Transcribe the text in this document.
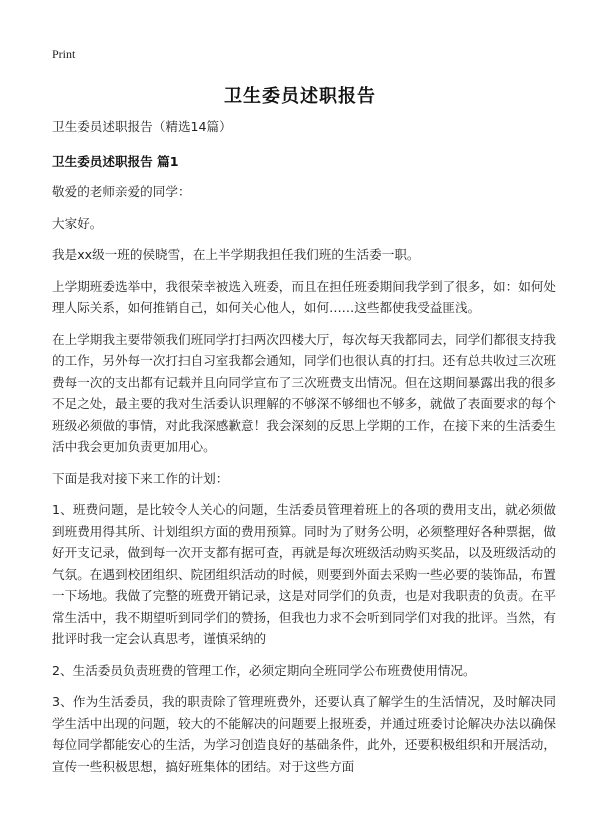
Print
卫生委员述职报告

卫生委员述职报告（精选14篇）

卫生委员述职报告 篇1

敬爱的老师亲爱的同学：

大家好。

我是xx级一班的侯晓雪，在上半学期我担任我们班的生活委一职。

上学期班委选举中，我很荣幸被选入班委，而且在担任班委期间我学到了很多，如：如何处理人际关系，如何推销自己，如何关心他人，如何……这些都使我受益匪浅。

在上学期我主要带领我们班同学打扫两次四楼大厅，每次每天我都同去，同学们都很支持我的工作，另外每一次打扫自习室我都会通知，同学们也很认真的打扫。还有总共收过三次班费每一次的支出都有记载并且向同学宣布了三次班费支出情况。但在这期间暴露出我的很多不足之处，最主要的我对生活委认识理解的不够深不够细也不够多，就做了表面要求的每个班级必须做的事情，对此我深感歉意！我会深刻的反思上学期的工作，在接下来的生活委生活中我会更加负责更加用心。

下面是我对接下来工作的计划：

1、班费问题，是比较令人关心的问题，生活委员管理着班上的各项的费用支出，就必须做到班费用得其所、计划组织方面的费用预算。同时为了财务公明，必须整理好各种票据，做好开支记录，做到每一次开支都有据可查，再就是每次班级活动购买奖品，以及班级活动的气氛。在遇到校团组织、院团组织活动的时候，则要到外面去采购一些必要的装饰品，布置一下场地。我做了完整的班费开销记录，这是对同学们的负责，也是对我职责的负责。在平常生活中，我不期望听到同学们的赞扬，但我也力求不会听到同学们对我的批评。当然，有批评时我一定会认真思考，谨慎采纳的

2、生活委员负责班费的管理工作，必须定期向全班同学公布班费使用情况。

3、作为生活委员，我的职责除了管理班费外，还要认真了解学生的生活情况，及时解决同学生活中出现的问题，较大的不能解决的问题要上报班委，并通过班委讨论解决办法以确保每位同学都能安心的生活，为学习创造良好的基础条件，此外，还要积极组织和开展活动，宣传一些积极思想，搞好班集体的团结。对于这些方面
